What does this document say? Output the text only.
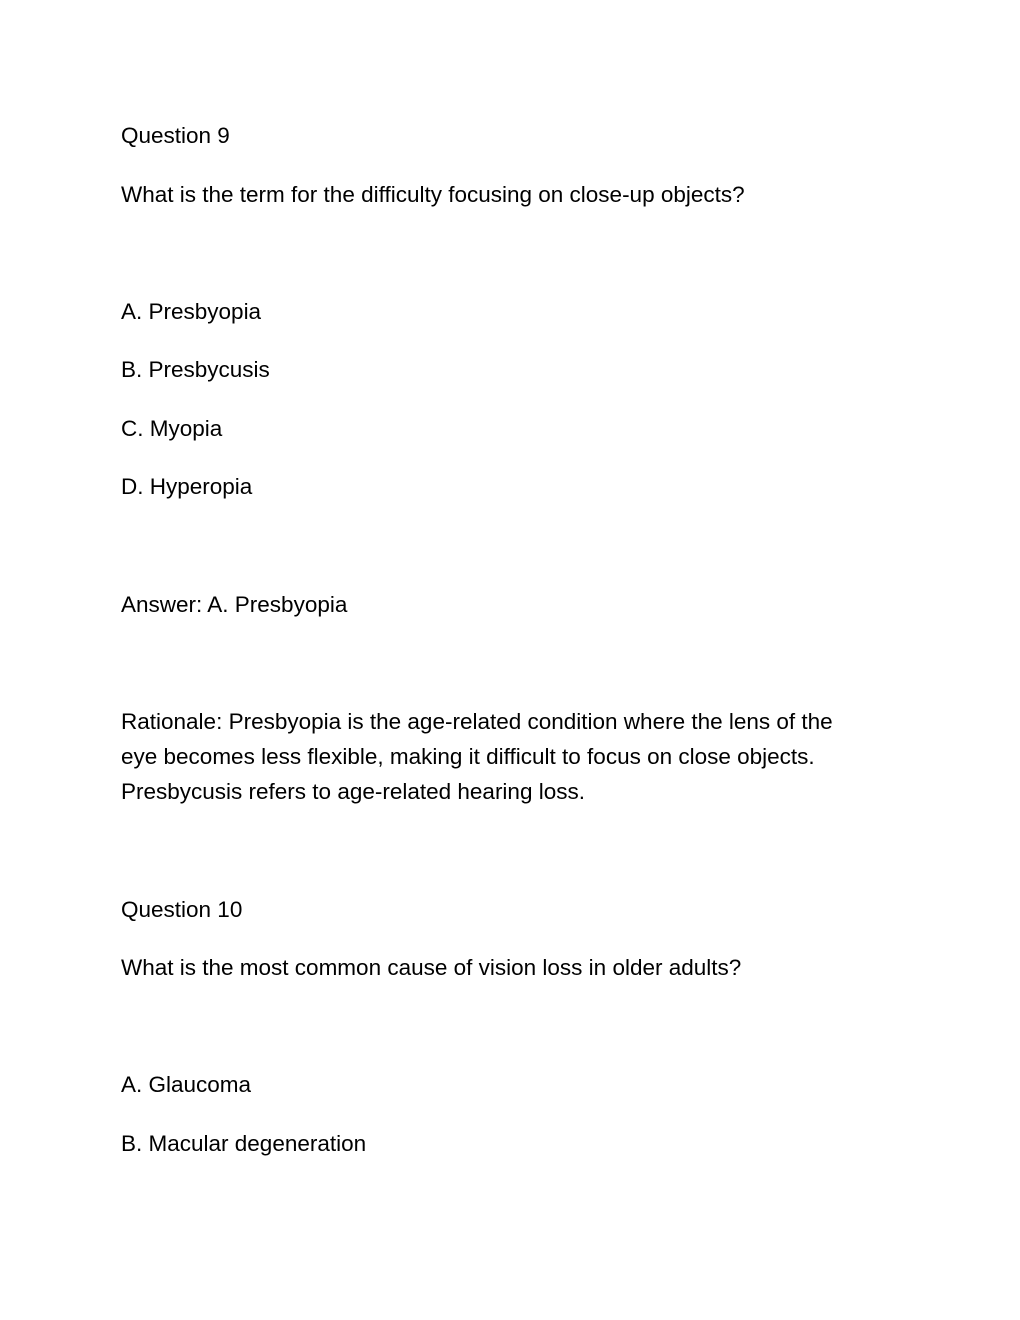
Question 9
What is the term for the difficulty focusing on close-up objects?
A. Presbyopia
B. Presbycusis
C. Myopia
D. Hyperopia
Answer: A. Presbyopia
Rationale: Presbyopia is the age-related condition where the lens of the
eye becomes less flexible, making it difficult to focus on close objects.
Presbycusis refers to age-related hearing loss.
Question 10
What is the most common cause of vision loss in older adults?
A. Glaucoma
B. Macular degeneration
